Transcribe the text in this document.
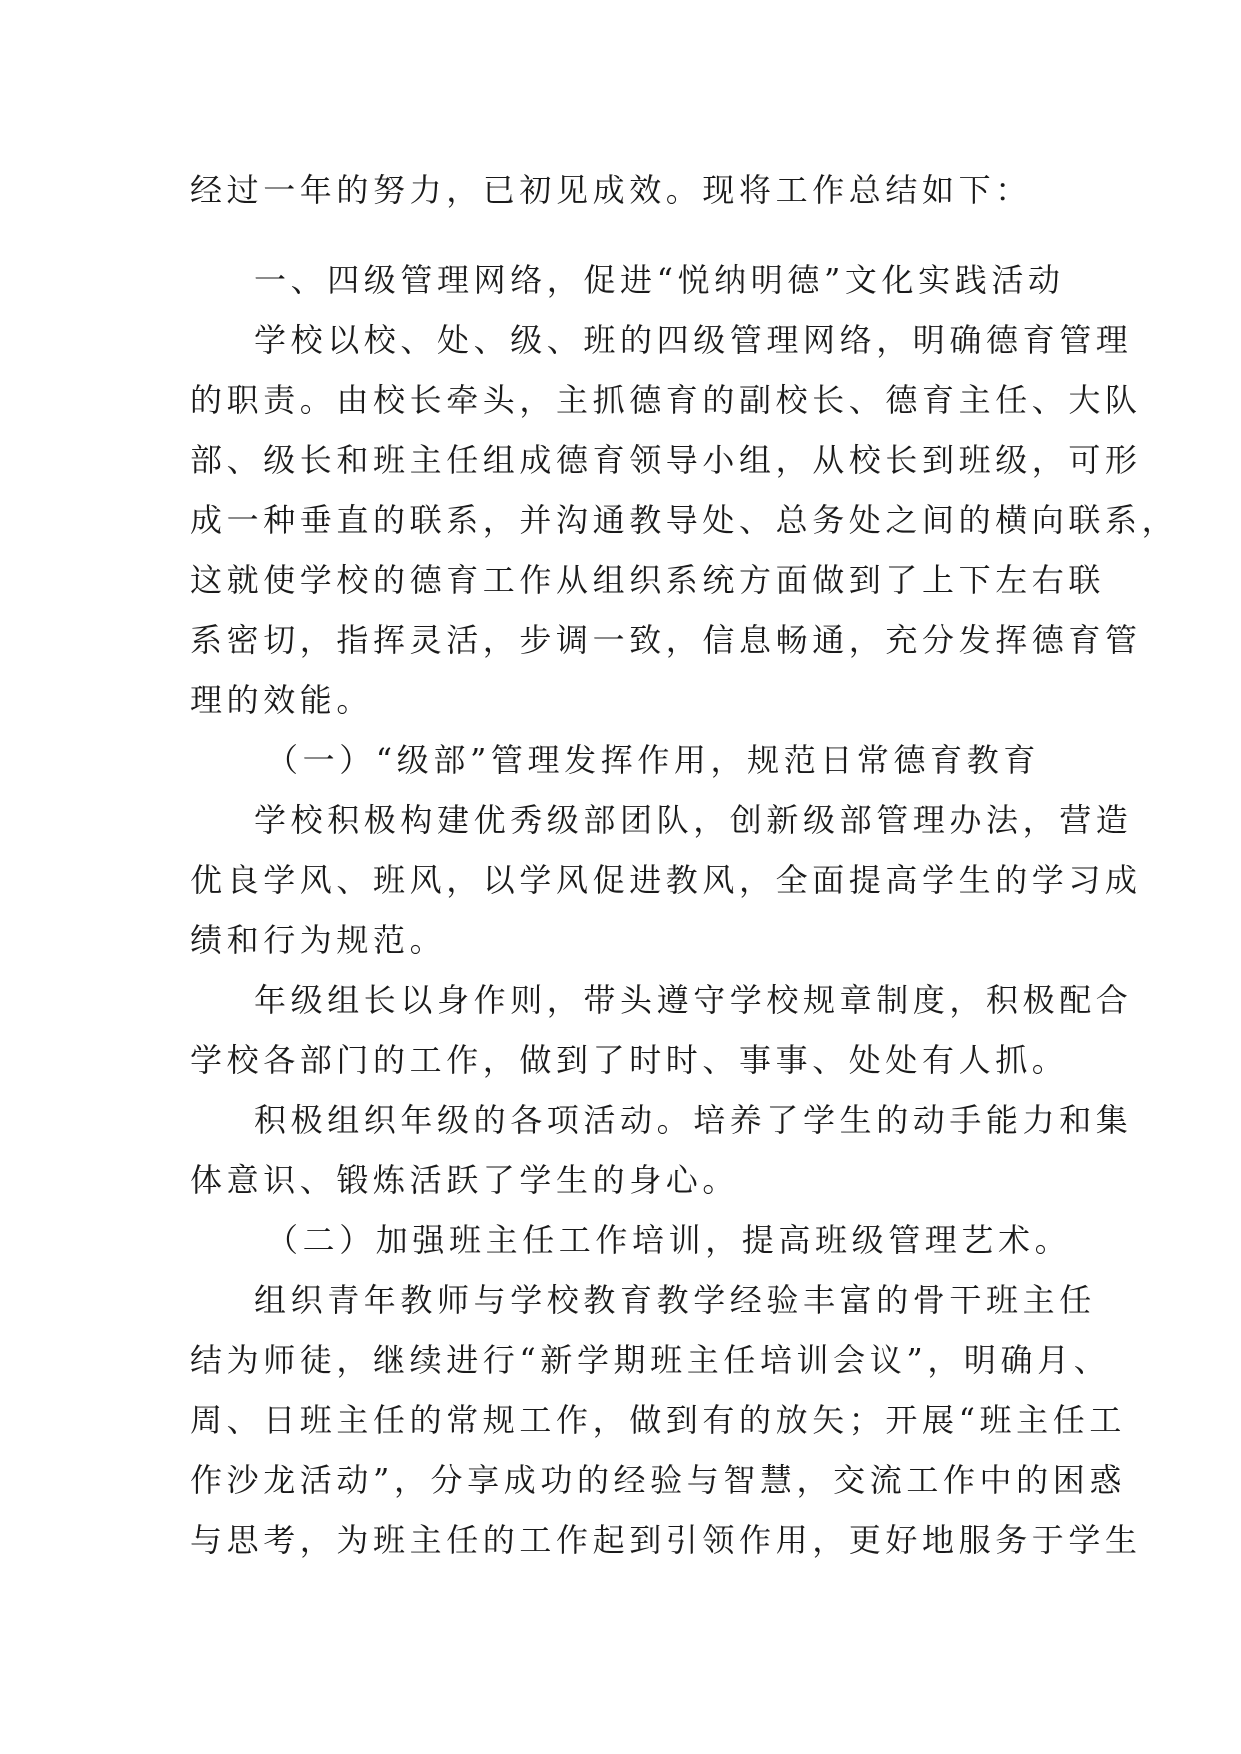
经过一年的努力，已初见成效。现将工作总结如下：
一、四级管理网络，促进“悦纳明德”文化实践活动
学校以校、处、级、班的四级管理网络，明确德育管理
的职责。由校长牵头，主抓德育的副校长、德育主任、大队
部、级长和班主任组成德育领导小组，从校长到班级，可形
成一种垂直的联系，并沟通教导处、总务处之间的横向联系，
这就使学校的德育工作从组织系统方面做到了上下左右联
系密切，指挥灵活，步调一致，信息畅通，充分发挥德育管
理的效能。
（一）“级部”管理发挥作用，规范日常德育教育
学校积极构建优秀级部团队，创新级部管理办法，营造
优良学风、班风，以学风促进教风，全面提高学生的学习成
绩和行为规范。
年级组长以身作则，带头遵守学校规章制度，积极配合
学校各部门的工作，做到了时时、事事、处处有人抓。
积极组织年级的各项活动。培养了学生的动手能力和集
体意识、锻炼活跃了学生的身心。
（二）加强班主任工作培训，提高班级管理艺术。
组织青年教师与学校教育教学经验丰富的骨干班主任
结为师徒，继续进行“新学期班主任培训会议”，明确月、
周、日班主任的常规工作，做到有的放矢；开展“班主任工
作沙龙活动”，分享成功的经验与智慧，交流工作中的困惑
与思考，为班主任的工作起到引领作用，更好地服务于学生
